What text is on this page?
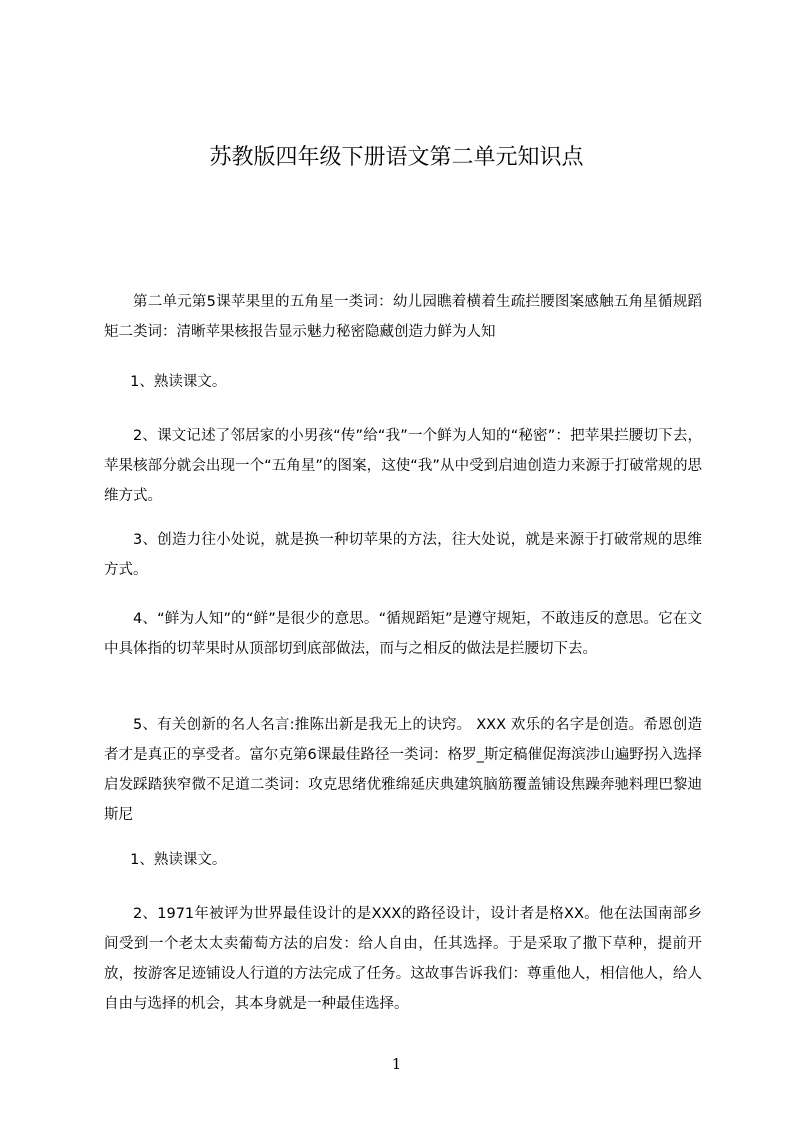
苏教版四年级下册语文第二单元知识点

第二单元第5课苹果里的五角星一类词：幼儿园瞧着横着生疏拦腰图案感触五角星循规蹈矩二类词：清晰苹果核报告显示魅力秘密隐藏创造力鲜为人知

1、熟读课文。

2、课文记述了邻居家的小男孩“传”给“我”一个鲜为人知的“秘密”：把苹果拦腰切下去，苹果核部分就会出现一个“五角星”的图案，这使“我”从中受到启迪创造力来源于打破常规的思维方式。

3、创造力往小处说，就是换一种切苹果的方法，往大处说，就是来源于打破常规的思维方式。

4、“鲜为人知”的“鲜”是很少的意思。“循规蹈矩”是遵守规矩，不敢违反的意思。它在文中具体指的切苹果时从顶部切到底部做法，而与之相反的做法是拦腰切下去。

5、有关创新的名人名言:推陈出新是我无上的诀窍。 XXX 欢乐的名字是创造。希恩创造者才是真正的享受者。富尔克第6课最佳路径一类词：格罗_斯定稿催促海滨涉山遍野拐入选择启发踩踏狭窄微不足道二类词：攻克思绪优雅绵延庆典建筑脑筋覆盖铺设焦躁奔驰料理巴黎迪斯尼

1、熟读课文。

2、1971年被评为世界最佳设计的是XXX的路径设计，设计者是格XX。他在法国南部乡间受到一个老太太卖葡萄方法的启发：给人自由，任其选择。于是采取了撒下草种，提前开放，按游客足迹铺设人行道的方法完成了任务。这故事告诉我们：尊重他人，相信他人，给人自由与选择的机会，其本身就是一种最佳选择。

1
